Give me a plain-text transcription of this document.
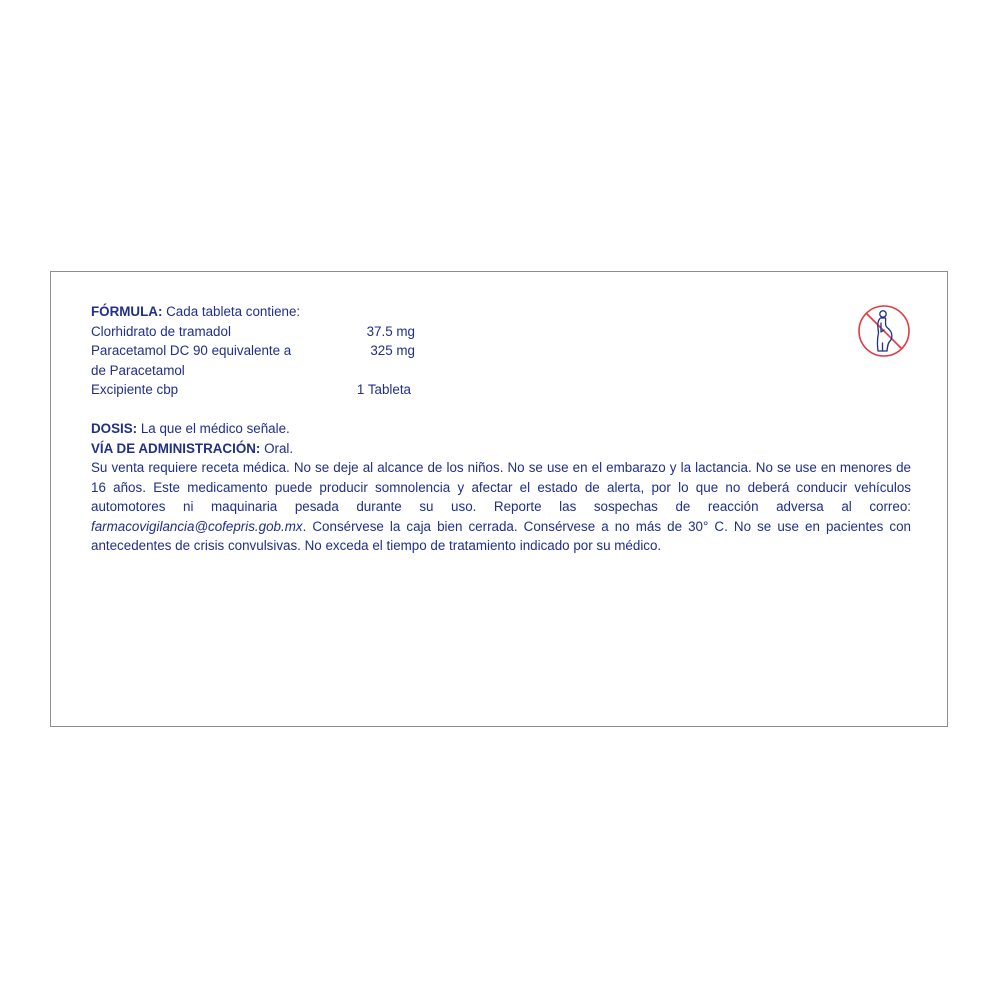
FÓRMULA: Cada tableta contiene:
Clorhidrato de tramadol	37.5 mg
Paracetamol DC 90 equivalente a	325 mg
de Paracetamol
Excipiente cbp	1 Tableta
DOSIS: La que el médico señale.
VÍA DE ADMINISTRACIÓN: Oral.
Su venta requiere receta médica. No se deje al alcance de los niños. No se use en el embarazo y la lactancia. No se use en menores de 16 años. Este medicamento puede producir somnolencia y afectar el estado de alerta, por lo que no deberá conducir vehículos automotores ni maquinaria pesada durante su uso. Reporte las sospechas de reacción adversa al correo: farmacovigilancia@cofepris.gob.mx. Consérvese la caja bien cerrada. Consérvese a no más de 30° C. No se use en pacientes con antecedentes de crisis convulsivas. No exceda el tiempo de tratamiento indicado por su médico.
